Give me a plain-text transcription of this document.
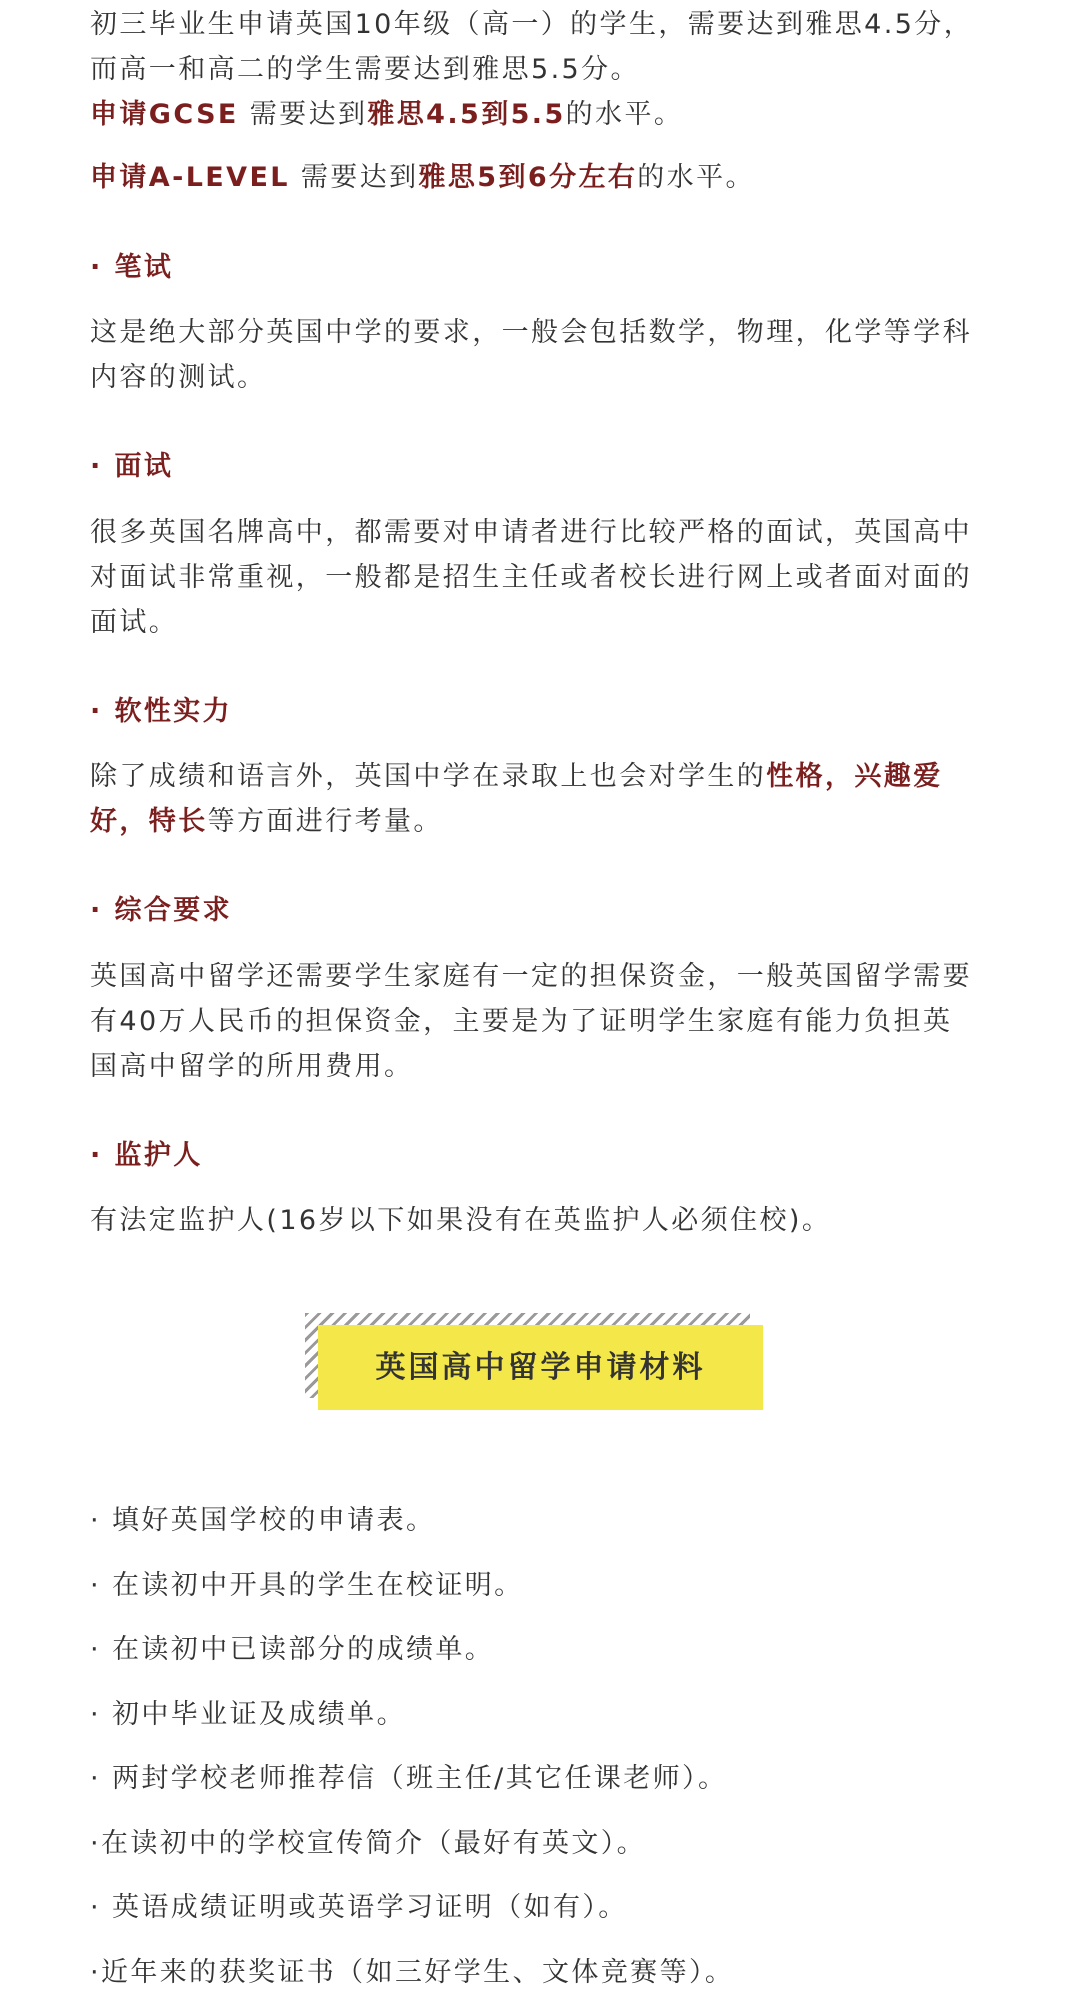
初三毕业生申请英国10年级（高一）的学生，需要达到雅思4.5分，
而高一和高二的学生需要达到雅思5.5分。
申请GCSE 需要达到雅思4.5到5.5的水平。
申请A-LEVEL 需要达到雅思5到6分左右的水平。
· 笔试
这是绝大部分英国中学的要求，一般会包括数学，物理，化学等学科
内容的测试。
· 面试
很多英国名牌高中，都需要对申请者进行比较严格的面试，英国高中
对面试非常重视，一般都是招生主任或者校长进行网上或者面对面的
面试。
· 软性实力
除了成绩和语言外，英国中学在录取上也会对学生的性格，兴趣爱
好，特长等方面进行考量。
· 综合要求
英国高中留学还需要学生家庭有一定的担保资金，一般英国留学需要
有40万人民币的担保资金，主要是为了证明学生家庭有能力负担英
国高中留学的所用费用。
· 监护人
有法定监护人(16岁以下如果没有在英监护人必须住校)。
英国高中留学申请材料
· 填好英国学校的申请表。
· 在读初中开具的学生在校证明。
· 在读初中已读部分的成绩单。
· 初中毕业证及成绩单。
· 两封学校老师推荐信（班主任/其它任课老师）。
·在读初中的学校宣传简介（最好有英文）。
· 英语成绩证明或英语学习证明（如有）。
·近年来的获奖证书（如三好学生、文体竞赛等）。
